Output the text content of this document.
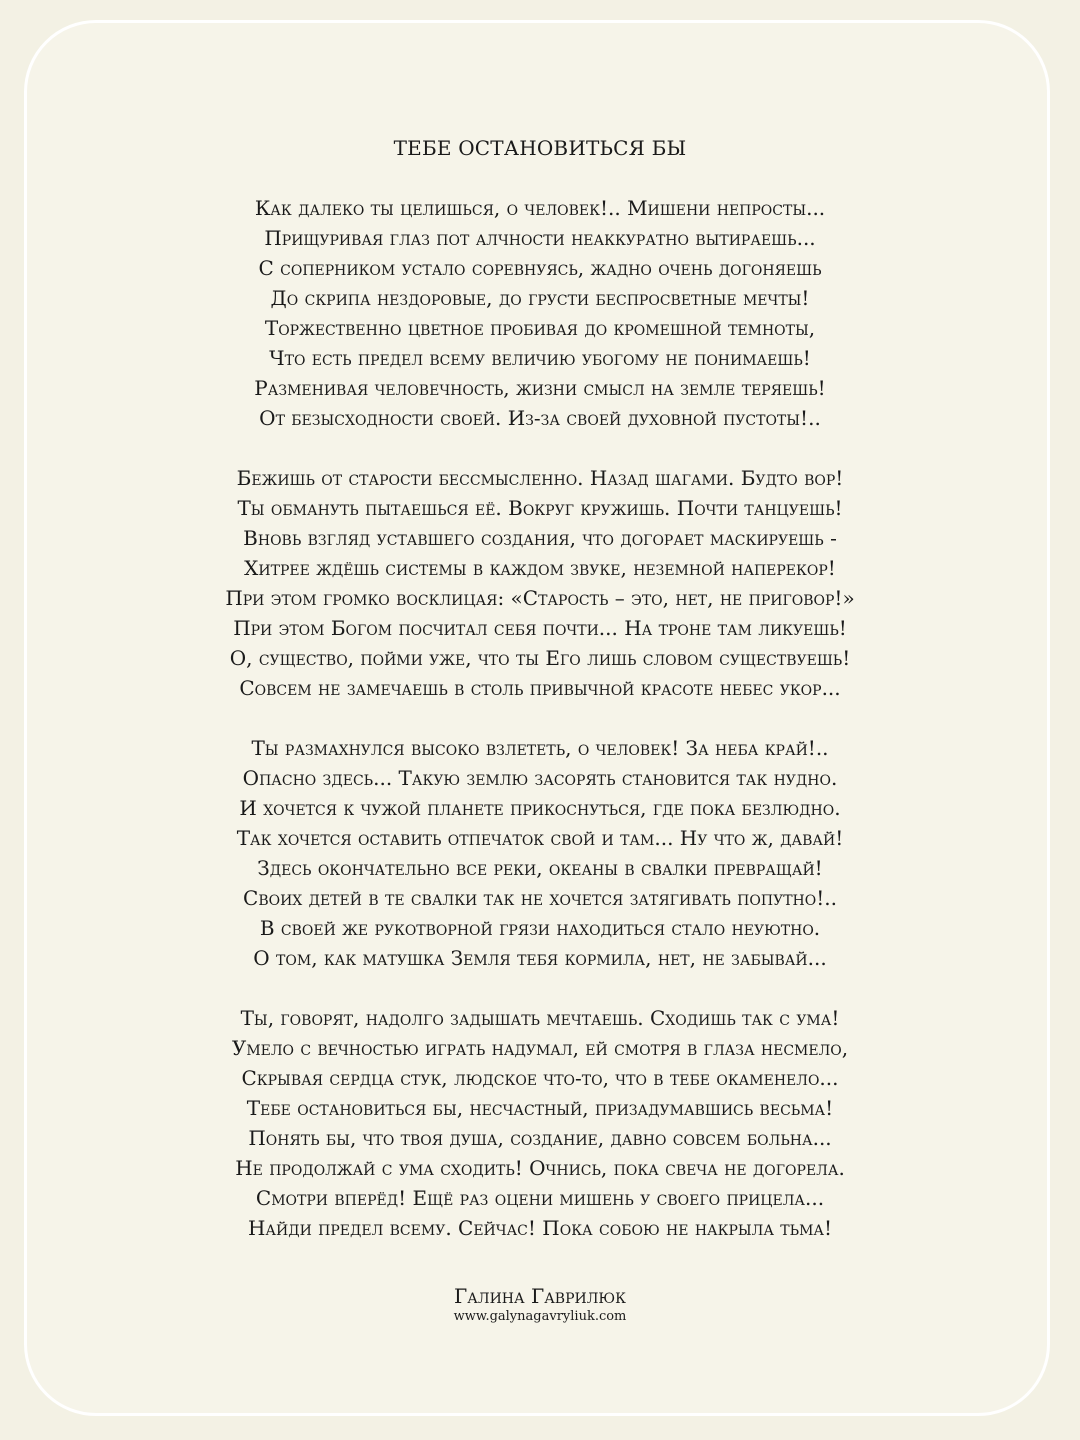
ТЕБЕ ОСТАНОВИТЬСЯ БЫ
Как далеко ты целишься, о человек!.. Мишени непросты...
Прищуривая глаз пот алчности неаккуратно вытираешь...
С соперником устало соревнуясь, жадно очень догоняешь
До скрипа нездоровые, до грусти беспросветные мечты!
Торжественно цветное пробивая до кромешной темноты,
Что есть предел всему величию убогому не понимаешь!
Разменивая человечность, жизни смысл на земле теряешь!
От безысходности своей. Из-за своей духовной пустоты!..
Бежишь от старости бессмысленно. Назад шагами. Будто вор!
Ты обмануть пытаешься её. Вокруг кружишь. Почти танцуешь!
Вновь взгляд уставшего создания, что догорает маскируешь -
Хитрее ждёшь системы в каждом звуке, неземной наперекор!
При этом громко восклицая: «Старость – это, нет, не приговор!»
При этом Богом посчитал себя почти... На троне там ликуешь!
О, существо, пойми уже, что ты Его лишь словом существуешь!
Совсем не замечаешь в столь привычной красоте небес укор...
Ты размахнулся высоко взлететь, о человек! За неба край!..
Опасно здесь... Такую землю засорять становится так нудно.
И хочется к чужой планете прикоснуться, где пока безлюдно.
Так хочется оставить отпечаток свой и там... Ну что ж, давай!
Здесь окончательно все реки, океаны в свалки превращай!
Своих детей в те свалки так не хочется затягивать попутно!..
В своей же рукотворной грязи находиться стало неуютно.
О том, как матушка Земля тебя кормила, нет, не забывай...
Ты, говорят, надолго задышать мечтаешь. Сходишь так с ума!
Умело с вечностью играть надумал, ей смотря в глаза несмело,
Скрывая сердца стук, людское что-то, что в тебе окаменело...
Тебе остановиться бы, несчастный, призадумавшись весьма!
Понять бы, что твоя душа, создание, давно совсем больна...
Не продолжай с ума сходить! Очнись, пока свеча не догорела.
Смотри вперёд! Ещё раз оцени мишень у своего прицела...
Найди предел всему. Сейчас! Пока собою не накрыла тьма!
Галина Гаврилюк
www.galynagavryliuk.com
